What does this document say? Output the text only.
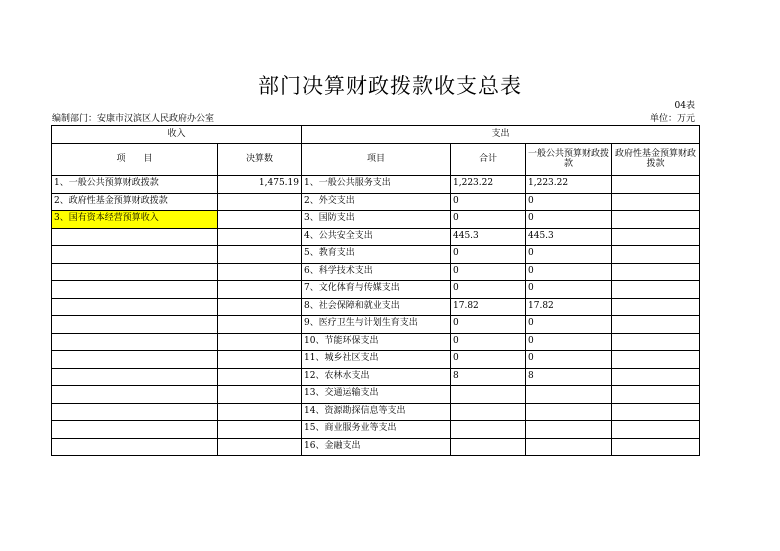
部门决算财政拨款收支总表
04表
编制部门：安康市汉滨区人民政府办公室	单位：万元
收入		支出			
项　　目	决算数	项目	合计	一般公共预算财政拨款	政府性基金预算财政拨款
1、一般公共预算财政拨款	1,475.19	1、一般公共服务支出	1,223.22	1,223.22	
2、政府性基金预算财政拨款		2、外交支出	0	0	
3、国有资本经营预算收入		3、国防支出	0	0	
		4、公共安全支出	445.3	445.3	
		5、教育支出	0	0	
		6、科学技术支出	0	0	
		7、文化体育与传媒支出	0	0	
		8、社会保障和就业支出	17.82	17.82	
		9、医疗卫生与计划生育支出	0	0	
		10、节能环保支出	0	0	
		11、城乡社区支出	0	0	
		12、农林水支出	8	8	
		13、交通运输支出			
		14、资源勘探信息等支出			
		15、商业服务业等支出			
		16、金融支出			
